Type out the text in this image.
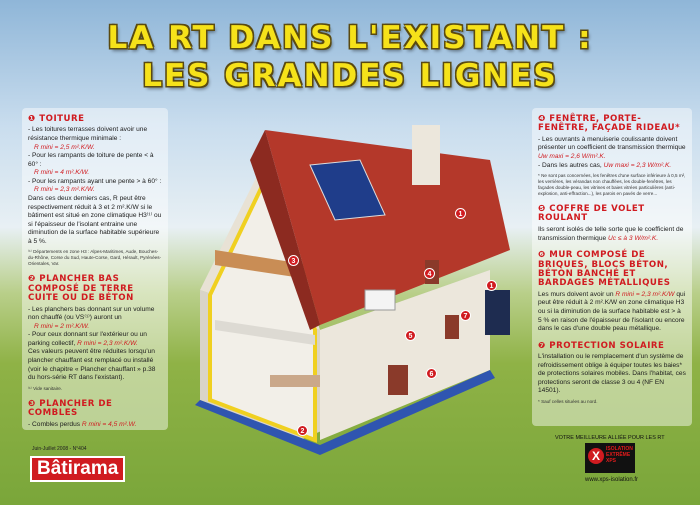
LA RT DANS L'EXISTANT :
LES GRANDES LIGNES
❶ TOITURE

- Les toitures terrasses doivent avoir une résistance thermique minimale :

R mini = 2,5 m².K/W.

- Pour les rampants de toiture de pente < à 60° :

R mini = 4 m².K/W.

- Pour les rampants ayant une pente > à 60° :

R mini = 2,3 m².K/W.

Dans ces deux derniers cas, R peut être respectivement réduit à 3 et 2 m².K/W si le bâtiment est situé en zone climatique H3⁽¹⁾ ou si l'épaisseur de l'isolant entraine une diminution de la surface habitable supérieure à 5 %.

⁽¹⁾ Départements en zone H3 : Alpes-Maritimes, Aude, Bouches-du-Rhône, Corse du Sud, Haute-Corse, Gard, Hérault, Pyrénées-Orientales, Var.

❷ PLANCHER BAS COMPOSÉ DE TERRE CUITE OU DE BÉTON

- Les planchers bas donnant sur un volume non chauffé (ou VS⁽¹⁾) auront un

R mini = 2 m².K/W.

- Pour ceux donnant sur l'extérieur ou un parking collectif, R mini = 2,3 m².K/W.

Ces valeurs peuvent être réduites lorsqu'un plancher chauffant est remplacé ou installé (voir le chapitre « Plancher chauffant » p.38 du hors-série RT dans l'existant).

⁽¹⁾ Vide sanitaire.

❸ PLANCHER DE COMBLES

- Combles perdus R mini = 4,5 m².W.

❹ FENÊTRE, PORTE-FENÊTRE, FAÇADE RIDEAU*

- Les ouvrants à menuiserie coulissante doivent présenter un coefficient de transmission thermique Uw maxi = 2,6 W/m².K.

- Dans les autres cas, Uw maxi = 2,3 W/m².K.

* Ne sont pas concernées, les fenêtres d'une surface inférieure à 0,5 m², les verrières, les vérandas non chauffées, les double-fenêtres, les façades double-peau, les vitrines et baies vitrées particulières (anti-explosion, anti-effraction...), les parois en pavés de verre...

❺ COFFRE DE VOLET ROULANT

Ils seront isolés de telle sorte que le coefficient de transmission thermique Uc ≤ à 3 W/m².K.

❻ MUR COMPOSÉ DE BRIQUES, BLOCS BÉTON, BÉTON BANCHÉ ET BARDAGES MÉTALLIQUES

Les murs doivent avoir un R mini = 2,3 m².K/W qui peut être réduit à 2 m².K/W en zone climatique H3 ou si la diminution de la surface habitable est > à 5 % en raison de l'épaisseur de l'isolant ou encore dans le cas d'une double peau métallique.

❼ PROTECTION SOLAIRE

L'installation ou le remplacement d'un système de refroidissement oblige à équiper toutes les baies* de protections solaires mobiles. Dans l'habitat, ces protections seront de classe 3 ou 4 (NF EN 14501).

* Sauf celles situées au nord.

1
2
3
4
5
6
7
1
Juin-Juillet 2008 - N°404
Bâtirama
VOTRE MEILLEURE ALLIÉE POUR LES RT
X	ISOLATION EXTRÊME XPS
www.xps-isolation.fr
